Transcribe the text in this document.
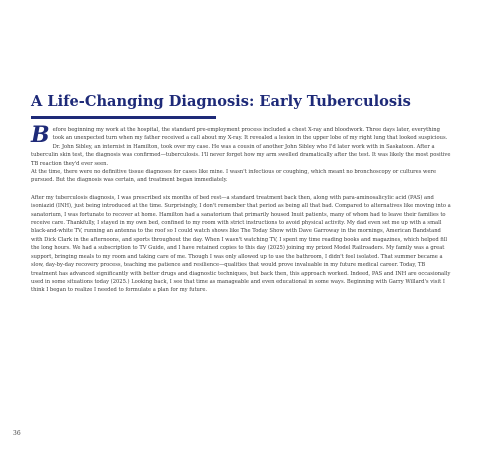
A Life-Changing Diagnosis: Early Tuberculosis

Before beginning my work at the hospital, the standard pre-employment process included a chest X-ray and bloodwork. Three days later, everything took an unexpected turn when my father received a call about my X-ray. It revealed a lesion in the upper lobe of my right lung that looked suspicious. Dr. John Sibley, an internist in Hamilton, took over my case. He was a cousin of another John Sibley who I'd later work with in Saskatoon. After a tuberculin skin test, the diagnosis was confirmed—tuberculosis. I'll never forget how my arm swelled dramatically after the test. It was likely the most positive TB reaction they'd ever seen.

At the time, there were no definitive tissue diagnoses for cases like mine. I wasn't infectious or coughing, which meant no bronchoscopy or cultures were pursued. But the diagnosis was certain, and treatment began immediately.

After my tuberculosis diagnosis, I was prescribed six months of bed rest—a standard treatment back then, along with para-aminosalicylic acid (PAS) and isoniazid (INH), just being introduced at the time. Surprisingly, I don't remember that period as being all that bad. Compared to alternatives like moving into a sanatorium, I was fortunate to recover at home. Hamilton had a sanatorium that primarily housed Inuit patients, many of whom had to leave their families to receive care. Thankfully, I stayed in my own bed, confined to my room with strict instructions to avoid physical activity. My dad even set me up with a small black-and-white TV, running an antenna to the roof so I could watch shows like The Today Show with Dave Garroway in the mornings, American Bandstand with Dick Clark in the afternoons, and sports throughout the day. When I wasn't watching TV, I spent my time reading books and magazines, which helped fill the long hours. We had a subscription to TV Guide, and I have retained copies to this day (2025) joining my prized Model Railroaders. My family was a great support, bringing meals to my room and taking care of me. Though I was only allowed up to use the bathroom, I didn't feel isolated. That summer became a slow, day-by-day recovery process, teaching me patience and resilience—qualities that would prove invaluable in my future medical career. Today, TB treatment has advanced significantly with better drugs and diagnostic techniques, but back then, this approach worked. Indeed, PAS and INH are occasionally used in some situations today (2025.) Looking back, I see that time as manageable and even educational in some ways. Beginning with Garry Willard's visit I think I began to realize I needed to formulate a plan for my future.

36
